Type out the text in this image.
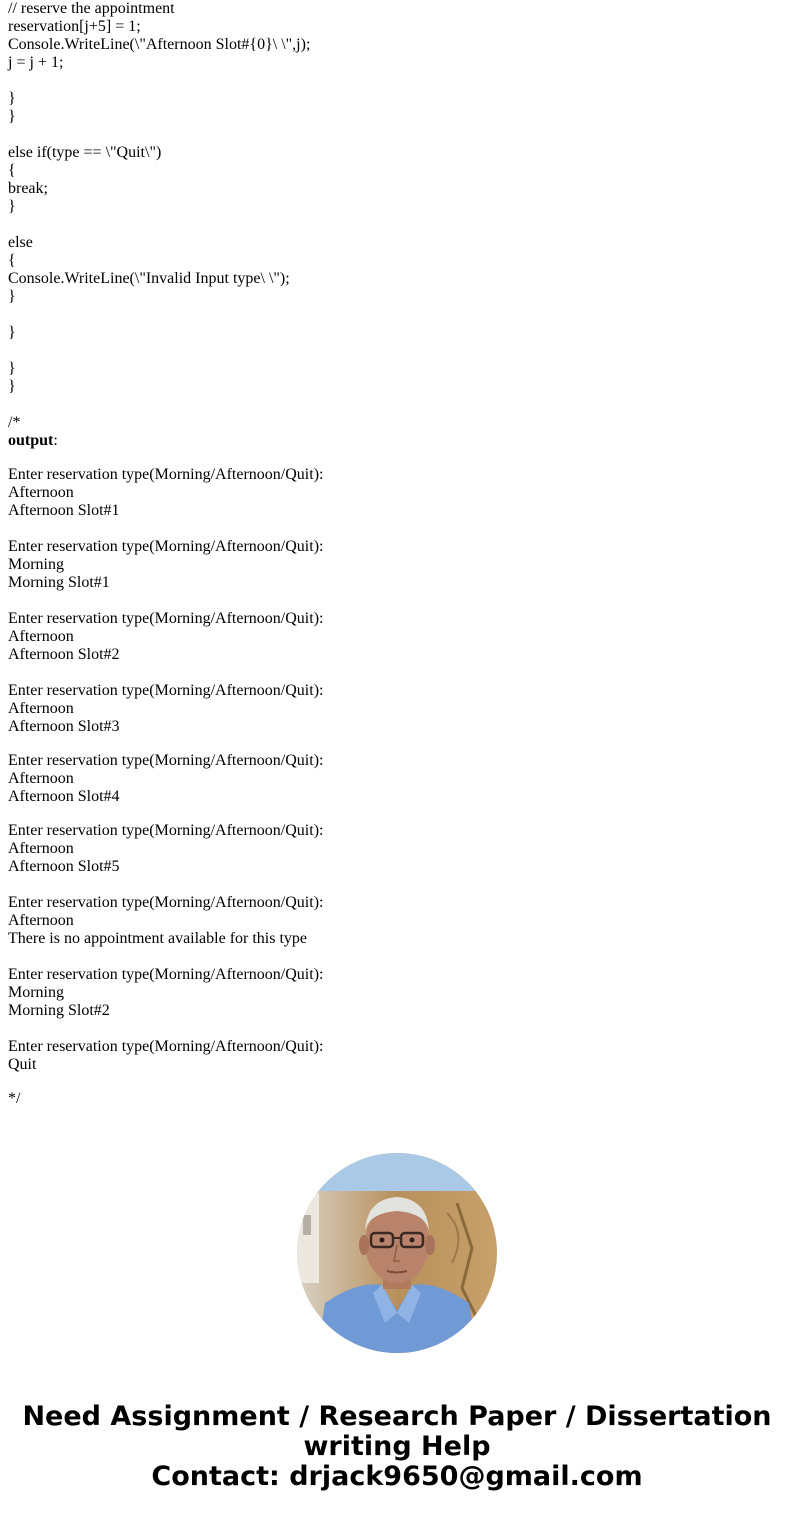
// reserve the appointment
reservation[j+5] = 1;
Console.WriteLine(\"Afternoon Slot#{0}\ \",j);
j = j + 1;
}
}
else if(type == \"Quit\")
{
break;
}
else
{
Console.WriteLine(\"Invalid Input type\ \");
}
}
}
}
/*
output:
Enter reservation type(Morning/Afternoon/Quit):
Afternoon
Afternoon Slot#1
Enter reservation type(Morning/Afternoon/Quit):
Morning
Morning Slot#1
Enter reservation type(Morning/Afternoon/Quit):
Afternoon
Afternoon Slot#2
Enter reservation type(Morning/Afternoon/Quit):
Afternoon
Afternoon Slot#3
Enter reservation type(Morning/Afternoon/Quit):
Afternoon
Afternoon Slot#4
Enter reservation type(Morning/Afternoon/Quit):
Afternoon
Afternoon Slot#5
Enter reservation type(Morning/Afternoon/Quit):
Afternoon
There is no appointment available for this type
Enter reservation type(Morning/Afternoon/Quit):
Morning
Morning Slot#2
Enter reservation type(Morning/Afternoon/Quit):
Quit
*/
Need Assignment / Research Paper / Dissertation
writing Help
Contact: drjack9650@gmail.com
